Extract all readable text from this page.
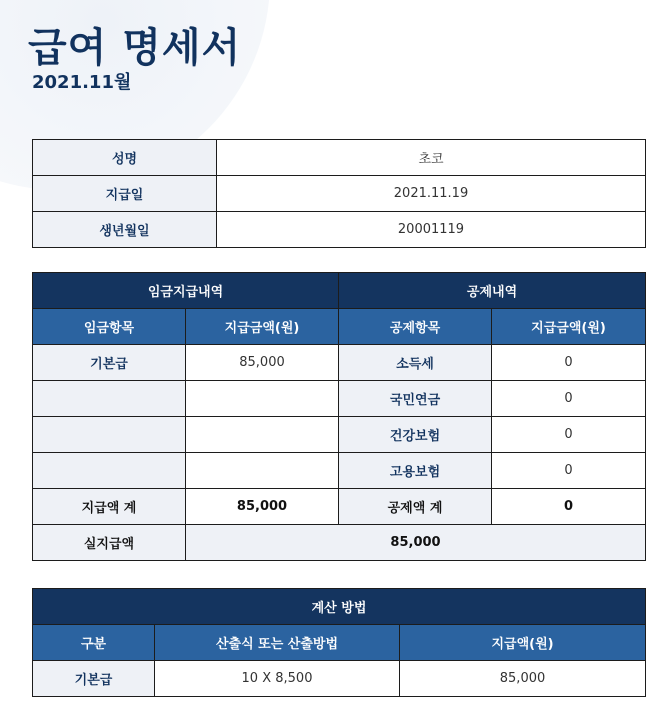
급여 명세서
2021.11월
성명	초코
지급일	2021.11.19
생년월일	20001119
임금지급내역		공제내역	
임금항목	지급금액(원)	공제항목	지급금액(원)
기본급	85,000	소득세	0
		국민연금	0
		건강보험	0
		고용보험	0
지급액 계	85,000	공제액 계	0
실지급액	85,000		
계산 방법		
구분	산출식 또는 산출방법	지급액(원)
기본급	10 X 8,500	85,000
